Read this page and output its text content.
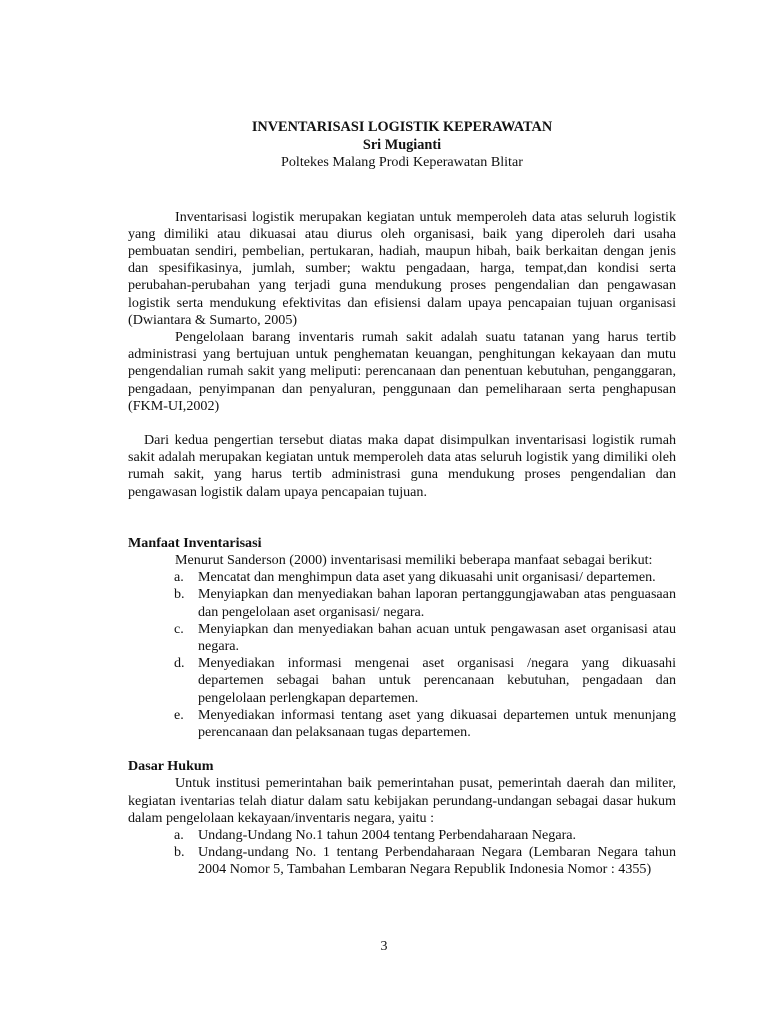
INVENTARISASI LOGISTIK KEPERAWATAN
Sri Mugianti
Poltekes Malang Prodi Keperawatan Blitar

Inventarisasi logistik merupakan kegiatan untuk memperoleh data atas seluruh logistik yang dimiliki atau dikuasai atau diurus oleh organisasi, baik yang diperoleh dari usaha pembuatan sendiri, pembelian, pertukaran, hadiah, maupun hibah, baik berkaitan dengan jenis dan spesifikasinya, jumlah, sumber; waktu pengadaan, harga, tempat,dan kondisi serta perubahan-perubahan yang terjadi guna mendukung proses pengendalian dan pengawasan logistik serta mendukung efektivitas dan efisiensi dalam upaya pencapaian tujuan organisasi (Dwiantara & Sumarto, 2005)

Pengelolaan barang inventaris rumah sakit adalah suatu tatanan yang harus tertib administrasi yang bertujuan untuk penghematan keuangan, penghitungan kekayaan dan mutu pengendalian rumah sakit yang meliputi: perencanaan dan penentuan kebutuhan, penganggaran, pengadaan, penyimpanan dan penyaluran, penggunaan dan pemeliharaan serta penghapusan (FKM-UI,2002)

Dari kedua pengertian tersebut diatas maka dapat disimpulkan inventarisasi logistik rumah sakit adalah merupakan kegiatan untuk memperoleh data atas seluruh logistik yang dimiliki oleh rumah sakit, yang harus tertib administrasi guna mendukung proses pengendalian dan pengawasan logistik dalam upaya pencapaian tujuan.

Manfaat Inventarisasi

Menurut Sanderson (2000) inventarisasi memiliki beberapa manfaat sebagai berikut:

a. Mencatat dan menghimpun data aset yang dikuasahi unit organisasi/ departemen.
b. Menyiapkan dan menyediakan bahan laporan pertanggungjawaban atas penguasaan dan pengelolaan aset organisasi/ negara.
c. Menyiapkan dan menyediakan bahan acuan untuk pengawasan aset organisasi atau negara.
d. Menyediakan informasi mengenai aset organisasi /negara yang dikuasahi departemen sebagai bahan untuk perencanaan kebutuhan, pengadaan dan pengelolaan perlengkapan departemen.
e. Menyediakan informasi tentang aset yang dikuasai departemen untuk menunjang perencanaan dan pelaksanaan tugas departemen.

Dasar Hukum

Untuk institusi pemerintahan baik pemerintahan pusat, pemerintah daerah dan militer, kegiatan iventarias telah diatur dalam satu kebijakan perundang-undangan sebagai dasar hukum dalam pengelolaan kekayaan/inventaris negara, yaitu :

a. Undang-Undang No.1 tahun 2004 tentang Perbendaharaan Negara.
b. Undang-undang No. 1 tentang Perbendaharaan Negara (Lembaran Negara tahun 2004 Nomor 5, Tambahan Lembaran Negara Republik Indonesia Nomor : 4355)
3
